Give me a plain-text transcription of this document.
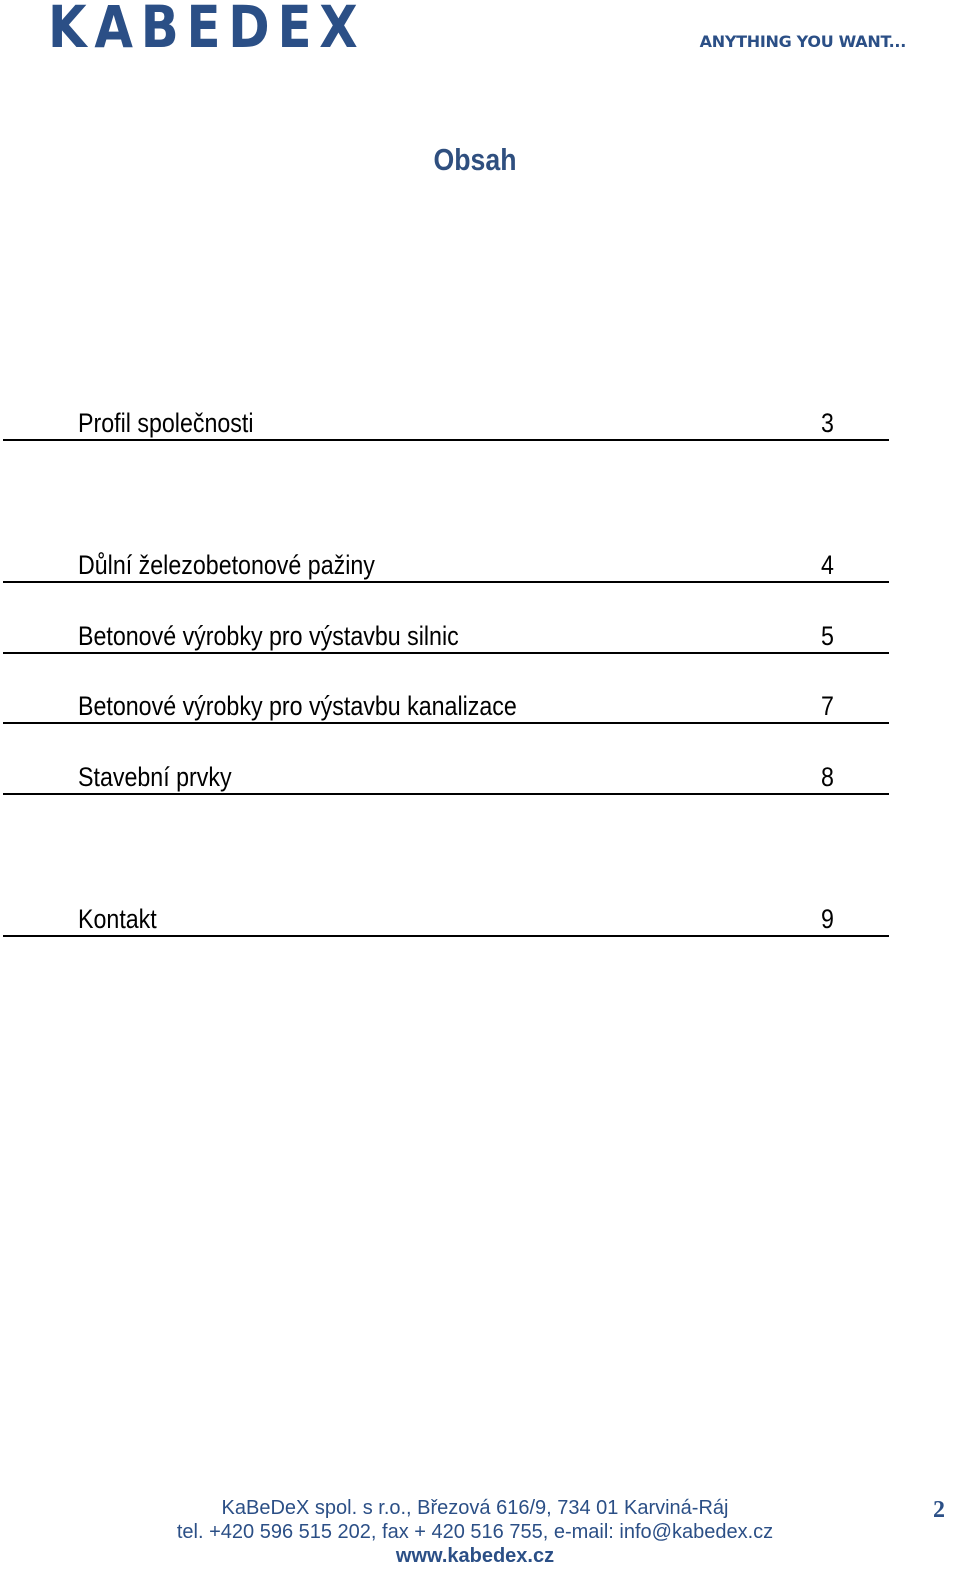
KABEDEX	ANYTHING YOU WANT...
Obsah
Profil společnosti	3
Důlní železobetonové pažiny	4
Betonové výrobky pro výstavbu silnic	5
Betonové výrobky pro výstavbu kanalizace	7
Stavební prvky	8
Kontakt	9
KaBeDeX spol. s r.o., Březová 616/9, 734 01 Karviná-Ráj
tel. +420 596 515 202, fax + 420 516 755, e-mail: info@kabedex.cz
www.kabedex.cz
2
